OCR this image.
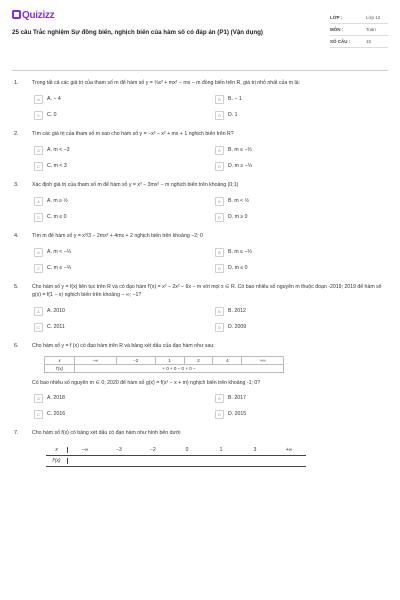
Quizizz
25 câu Trắc nghiệm Sự đồng biến, nghịch biến của hàm số có đáp án (P1) (Vận dụng)
LỚP :	Lớp 12
MÔN :	Toán
SỐ CÂU :	15
1.	Trong tất cả các giá trị của tham số m để hàm số y = ⅓x³ + mx² − mx − m đồng biến trên R, giá trị nhỏ nhất của m là:
A	A. − 4	B	B. − 1
C	C. 0	D	D. 1
2.	Tìm các giá trị của tham số m sao cho hàm số y = −x³ − x² + mx + 1 nghịch biến trên R?
A	A. m < −3	B	B. m ≤ −⅓
C	C. m < 3	D	D. m ≥ −⅓
3.	Xác định giá trị của tham số m để hàm số y = x³ − 3mx² − m nghịch biến trên khoảng (0;1)
A	A. m ≥ ½	B	B. m < ½
C	C. m ≤ 0	D	D. m ≥ 0
4.	Tìm m để hàm số y = x³/3 − 2mx² + 4mx + 2 nghịch biến trên khoảng −2; 0
A	A. m < −⅓	B	B. m ≤ −⅓
C	C. m ≤ −⅔	D	D. m ≤ 0
5.	Cho hàm số y = f(x) liên tục trên R và có đạo hàm f′(x) = x² − 2x² − 6x − m với mọi x ∈ R. Có bao nhiêu số nguyên m thuộc đoạn -2019; 2019 để hàm số g(x) = f(1 − x) nghịch biến trên khoảng − ∞; −1?
A	A. 2010	B	B. 2012
C	C. 2011	D	D. 2009
6.	Cho hàm số y = f (x) có đạo hàm trên R và bảng xét dấu của đạo hàm như sau:
x	−∞	−2	1	2	4	+∞
f′(x)	+ 0 + 0 − 0 + 0 −					
Có bao nhiêu số nguyên m ∈ 0; 2020 để hàm số g(x) = f(x² − x + m) nghịch biến trên khoảng -1; 0?
A	A. 2018	B	B. 2017
C	C. 2016	D	D. 2015
7.	Cho hàm số f(x) có bảng xét dấu có đạo hàm như hình bên dưới
x	−∞	−3	−2	0	1	3	+∞
f′(x)
